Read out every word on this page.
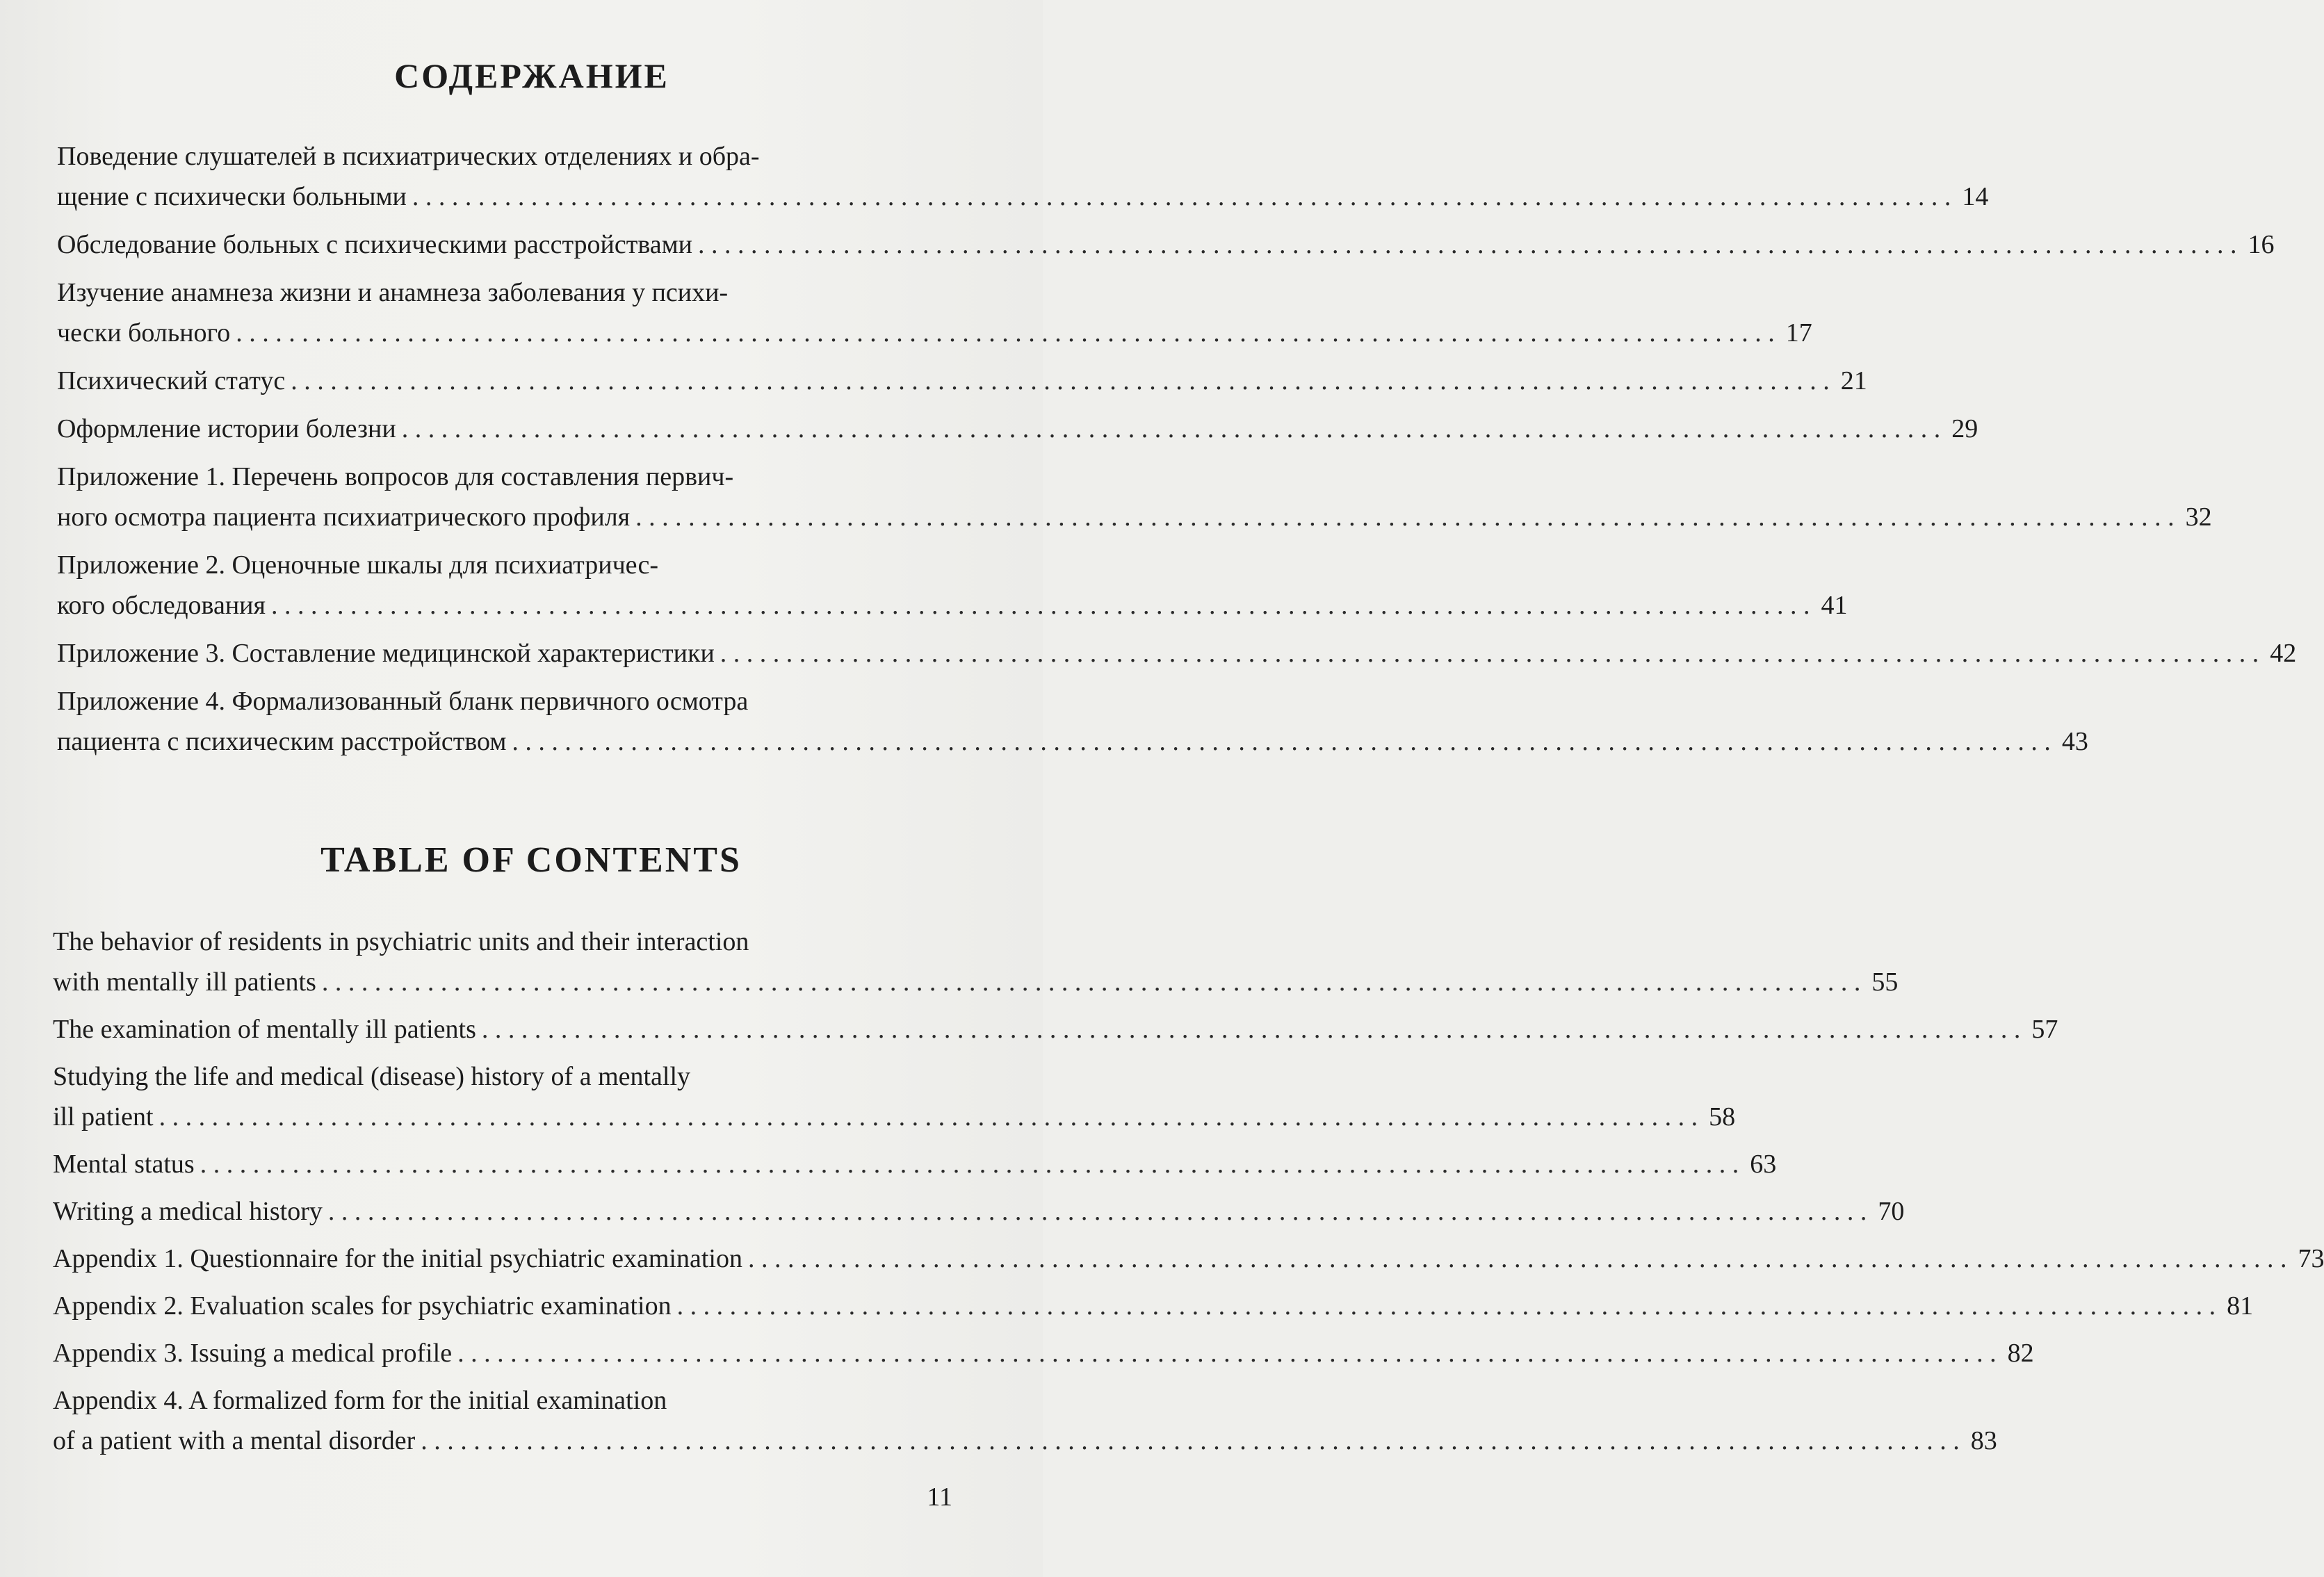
СОДЕРЖАНИЕ
Поведение слушателей в психиатрических отделениях и обра-
щение с психически больными . . .	14
Обследование больных с психическими расстройствами . . .	16
Изучение анамнеза жизни и анамнеза заболевания у психи-
чески больного . . .	17
Психический статус . . .	21
Оформление истории болезни . . .	29
Приложение 1. Перечень вопросов для составления первич-
ного осмотра пациента психиатрического профиля . . .	32
Приложение 2. Оценочные шкалы для психиатричес-
кого обследования . . .	41
Приложение 3. Составление медицинской характеристики . . .	42
Приложение 4. Формализованный бланк первичного осмотра
пациента с психическим расстройством . . .	43
TABLE OF CONTENTS
The behavior of residents in psychiatric units and their interaction
with mentally ill patients . . .	55
The examination of mentally ill patients . . .	57
Studying the life and medical (disease) history of a mentally
ill patient . . .	58
Mental status . . .	63
Writing a medical history . . .	70
Appendix 1. Questionnaire for the initial psychiatric examination . . .	73
Appendix 2. Evaluation scales for psychiatric examination . . .	81
Appendix 3. Issuing a medical profile . . .	82
Appendix 4. A formalized form for the initial examination
of a patient with a mental disorder . . .	83
11
